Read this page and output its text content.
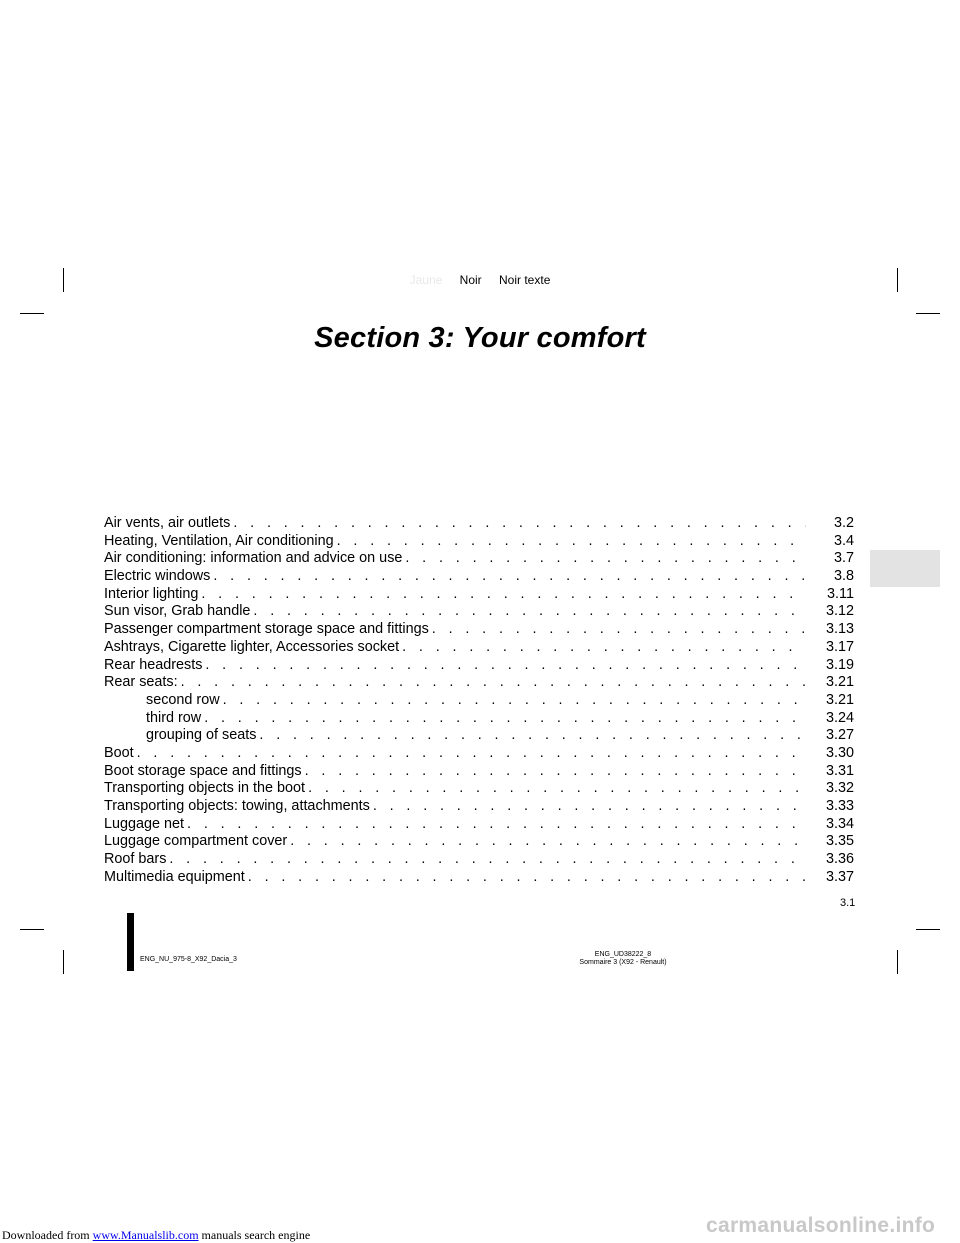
Jaune Noir Noir texte
Section 3: Your comfort
Air vents, air outlets . . .	3.2
Heating, Ventilation, Air conditioning . . .	3.4
Air conditioning: information and advice on use . . .	3.7
Electric windows . . .	3.8
Interior lighting . . .	3.11
Sun visor, Grab handle . . .	3.12
Passenger compartment storage space and fittings . . .	3.13
Ashtrays, Cigarette lighter, Accessories socket . . .	3.17
Rear headrests . . .	3.19
Rear seats: . . .	3.21
second row . . .	3.21
third row . . .	3.24
grouping of seats . . .	3.27
Boot . . .	3.30
Boot storage space and fittings . . .	3.31
Transporting objects in the boot . . .	3.32
Transporting objects: towing, attachments . . .	3.33
Luggage net . . .	3.34
Luggage compartment cover . . .	3.35
Roof bars . . .	3.36
Multimedia equipment . . .	3.37
3.1
ENG_NU_975-8_X92_Dacia_3
ENG_UD38222_8
Sommaire 3 (X92 - Renault)
Downloaded from www.Manualslib.com manuals search engine	carmanualsonline.info
